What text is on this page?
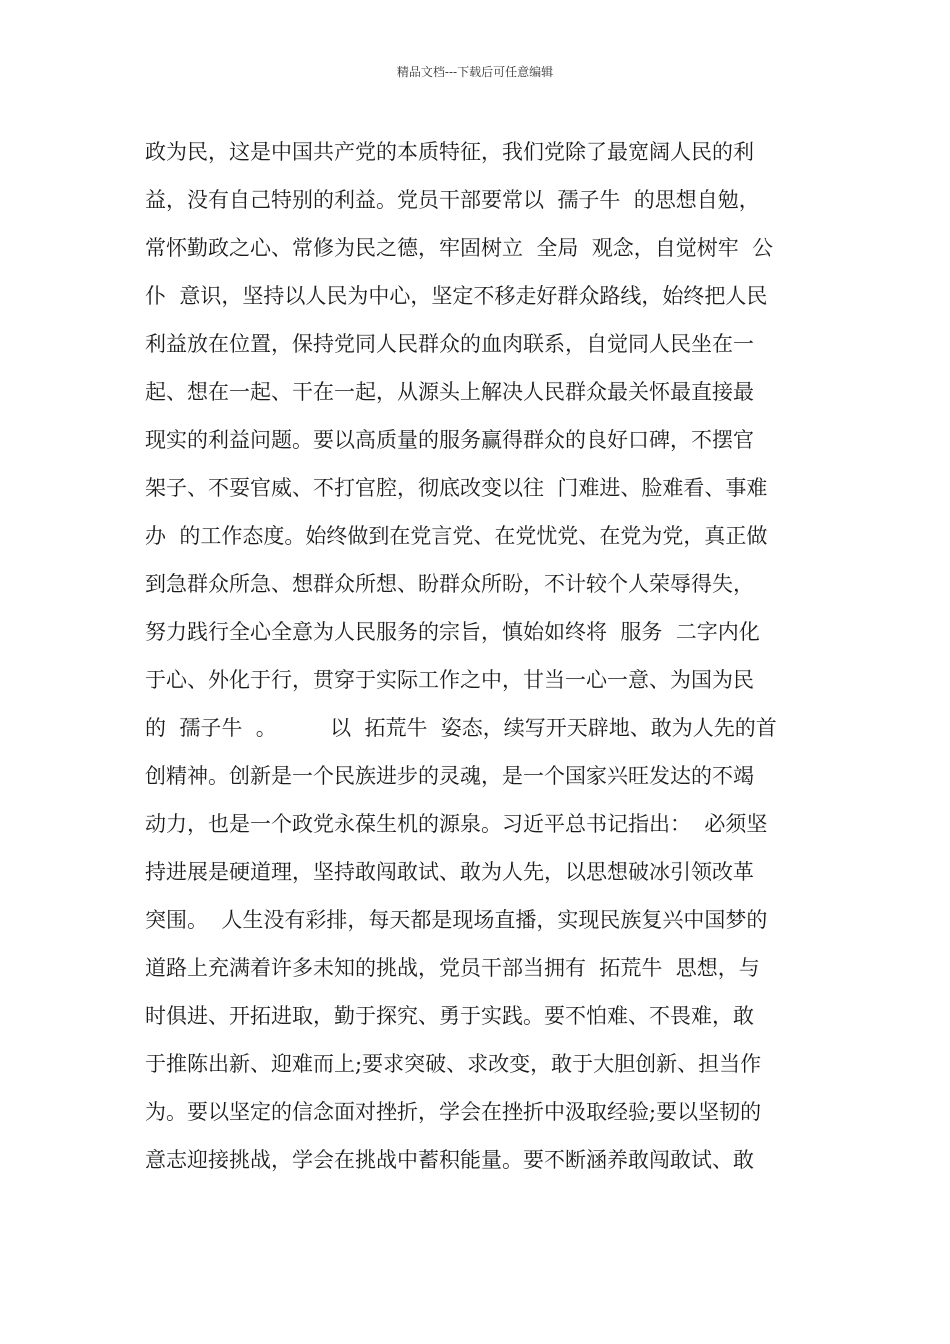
精品文档---下载后可任意编辑
政为民，这是中国共产党的本质特征，我们党除了最宽阔人民的利
益，没有自己特别的利益。党员干部要常以  孺子牛  的思想自勉，
常怀勤政之心、常修为民之德，牢固树立  全局  观念，自觉树牢  公
仆  意识，坚持以人民为中心，坚定不移走好群众路线，始终把人民
利益放在位置，保持党同人民群众的血肉联系，自觉同人民坐在一
起、想在一起、干在一起，从源头上解决人民群众最关怀最直接最
现实的利益问题。要以高质量的服务赢得群众的良好口碑，不摆官
架子、不耍官威、不打官腔，彻底改变以往  门难进、脸难看、事难
办  的工作态度。始终做到在党言党、在党忧党、在党为党，真正做
到急群众所急、想群众所想、盼群众所盼，不计较个人荣辱得失，
努力践行全心全意为人民服务的宗旨，慎始如终将  服务  二字内化
于心、外化于行，贯穿于实际工作之中，甘当一心一意、为国为民
的  孺子牛  。        以  拓荒牛  姿态，续写开天辟地、敢为人先的首
创精神。创新是一个民族进步的灵魂，是一个国家兴旺发达的不竭
动力，也是一个政党永葆生机的源泉。习近平总书记指出：  必须坚
持进展是硬道理，坚持敢闯敢试、敢为人先，以思想破冰引领改革
突围。  人生没有彩排，每天都是现场直播，实现民族复兴中国梦的
道路上充满着许多未知的挑战，党员干部当拥有  拓荒牛  思想，与
时俱进、开拓进取，勤于探究、勇于实践。要不怕难、不畏难，敢
于推陈出新、迎难而上;要求突破、求改变，敢于大胆创新、担当作
为。要以坚定的信念面对挫折，学会在挫折中汲取经验;要以坚韧的
意志迎接挑战，学会在挑战中蓄积能量。要不断涵养敢闯敢试、敢
